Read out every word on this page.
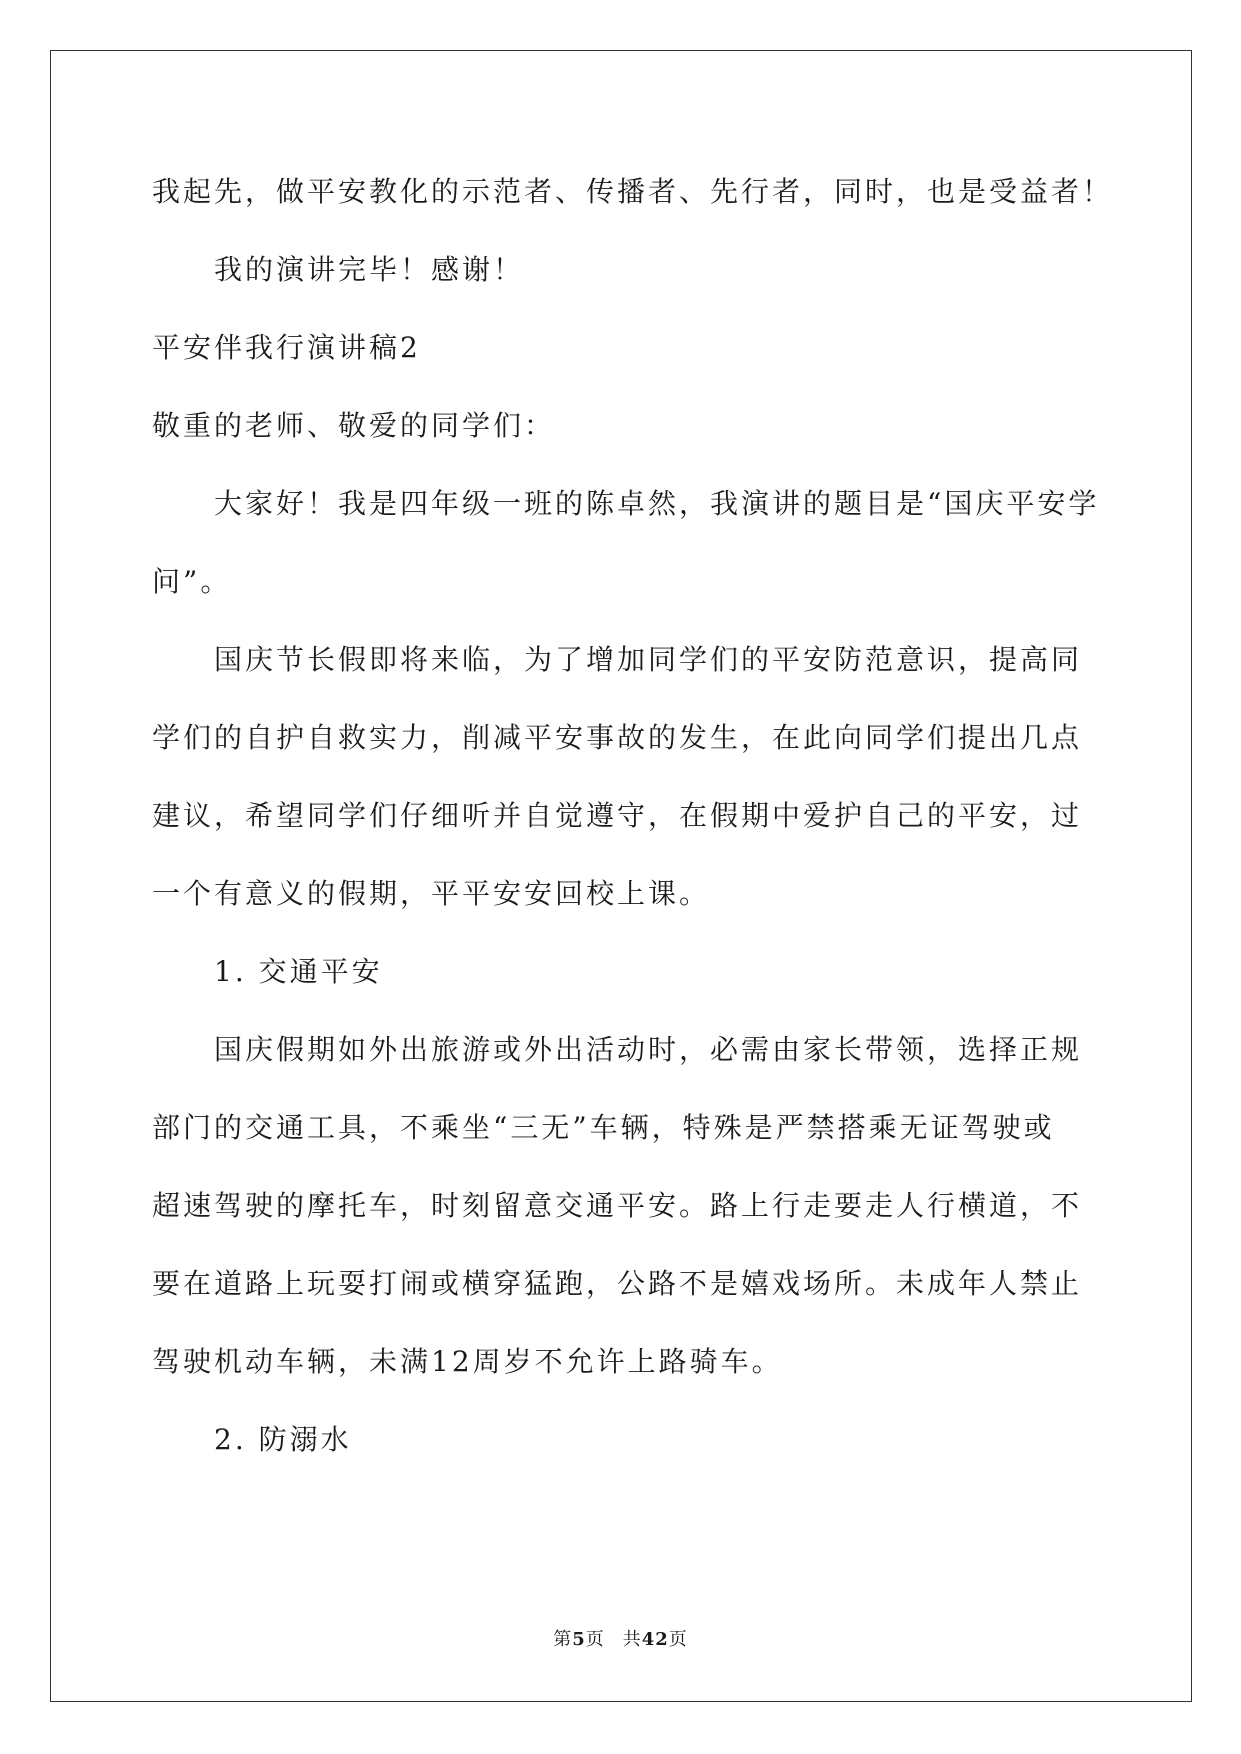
我起先，做平安教化的示范者、传播者、先行者，同时，也是受益者！
我的演讲完毕！感谢！
平安伴我行演讲稿2
敬重的老师、敬爱的同学们：
大家好！我是四年级一班的陈卓然，我演讲的题目是“国庆平安学
问”。
国庆节长假即将来临，为了增加同学们的平安防范意识，提高同
学们的自护自救实力，削减平安事故的发生，在此向同学们提出几点
建议，希望同学们仔细听并自觉遵守，在假期中爱护自己的平安，过
一个有意义的假期，平平安安回校上课。
1. 交通平安
国庆假期如外出旅游或外出活动时，必需由家长带领，选择正规
部门的交通工具，不乘坐“三无”车辆，特殊是严禁搭乘无证驾驶或
超速驾驶的摩托车，时刻留意交通平安。路上行走要走人行横道，不
要在道路上玩耍打闹或横穿猛跑，公路不是嬉戏场所。未成年人禁止
驾驶机动车辆，未满12周岁不允许上路骑车。
2. 防溺水
第5页 共42页
